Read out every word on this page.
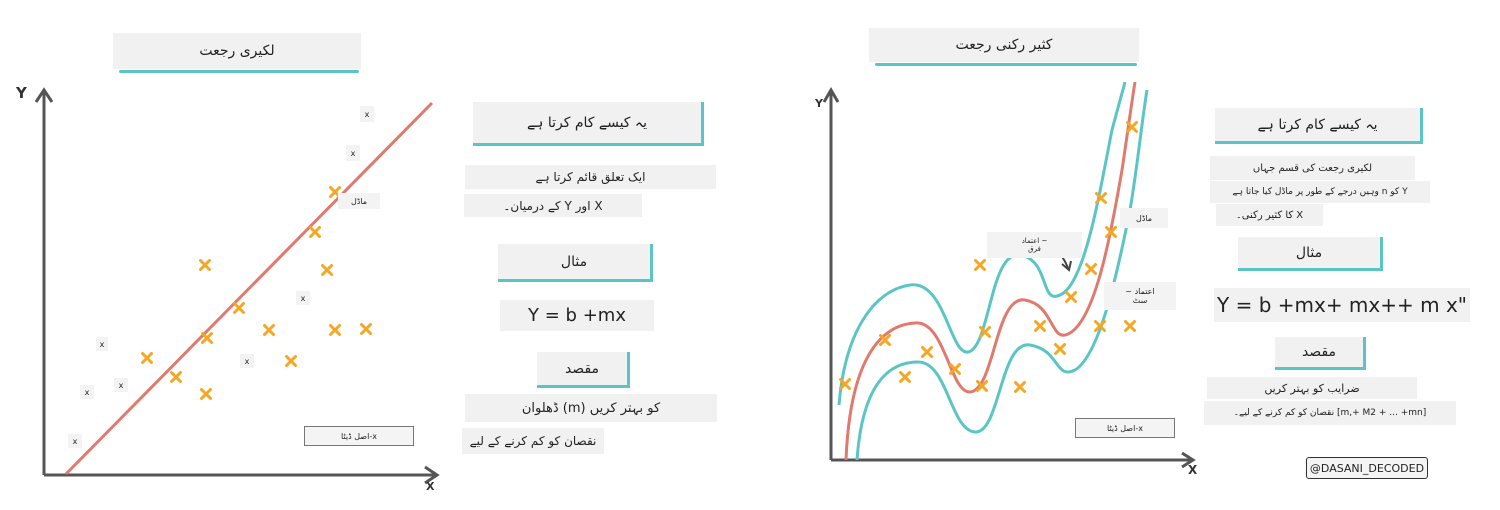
لکیری رجعت
Y
X
ماڈل
x
x
x
x
x
x
x
x
اصل ڈیٹا-x
یہ کیسے کام کرتا ہے
ایک تعلق قائم کرتا ہے
کے درمیان۔ Y اور X
مثال
Y = b +mx
مقصد
ڈھلوان (m) کو بہتر کریں
نقصان کو کم کرنے کے لیے
کثیر رکنی رجعت
Y
X
ماڈل
اعتماد ~
فرق
~ اعتماد
سٹ
اصل ڈیٹا-x
یہ کیسے کام کرتا ہے
لکیری رجعت کی قسم جہاں
وہیں درجے کے طور پر ماڈل کیا جاتا ہے n کو Y
کا کثیر رکنی۔ X
مثال
Y = b +mx+ mx++ m x"
مقصد
ضرایب کو بہتر کریں
نقصان کو کم کرنے کے لیے۔ [m,+ M2 + ... +mn]
@DASANI_DECODED
